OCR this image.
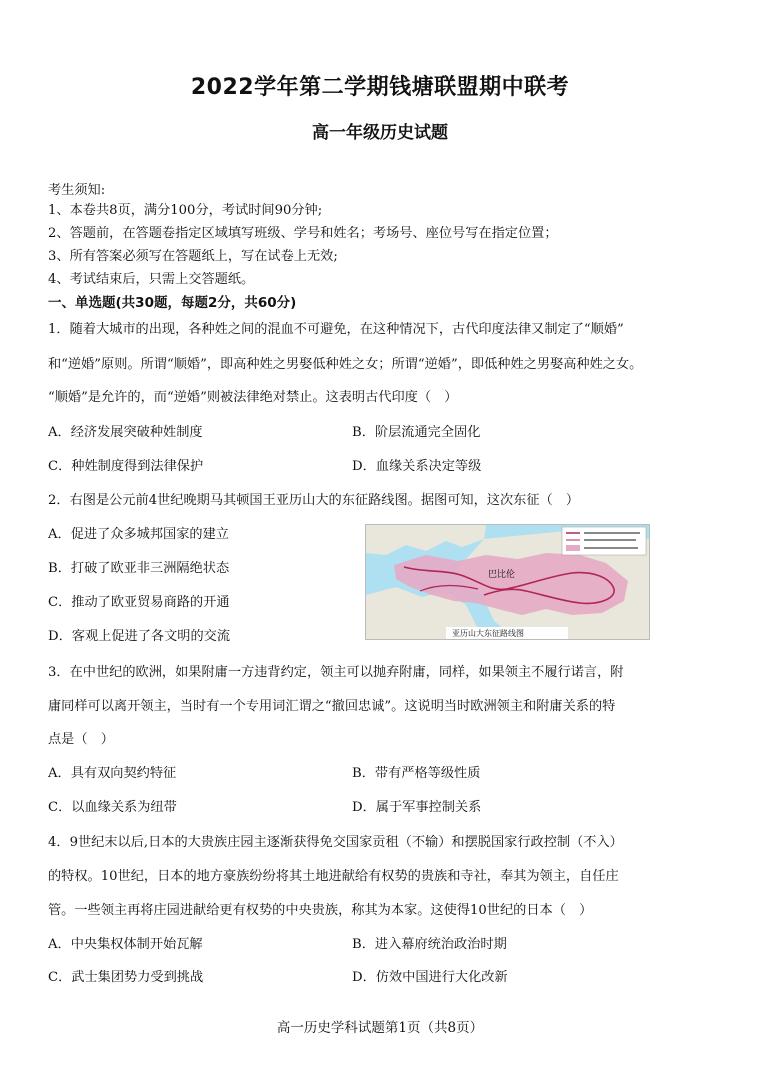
2022学年第二学期钱塘联盟期中联考
高一年级历史试题
考生须知:
1、本卷共8页，满分100分，考试时间90分钟;
2、答题前，在答题卷指定区域填写班级、学号和姓名；考场号、座位号写在指定位置；
3、所有答案必须写在答题纸上，写在试卷上无效;
4、考试结束后，只需上交答题纸。
一、单选题(共30题，每题2分，共60分)
1．随着大城市的出现，各种姓之间的混血不可避免，在这种情况下，古代印度法律又制定了“顺婚”
和“逆婚”原则。所谓“顺婚”，即高种姓之男娶低种姓之女；所谓“逆婚”，即低种姓之男娶高种姓之女。
“顺婚”是允许的，而“逆婚”则被法律绝对禁止。这表明古代印度（　）
A．经济发展突破种姓制度	B．阶层流通完全固化
C．种姓制度得到法律保护	D．血缘关系决定等级
2．右图是公元前4世纪晚期马其顿国王亚历山大的东征路线图。据图可知，这次东征（　）
A．促进了众多城邦国家的建立
B．打破了欧亚非三洲隔绝状态
C．推动了欧亚贸易商路的开通
D．客观上促进了各文明的交流
巴比伦
亚历山大东征路线图
3．在中世纪的欧洲，如果附庸一方违背约定，领主可以抛弃附庸，同样，如果领主不履行诺言，附
庸同样可以离开领主，当时有一个专用词汇谓之“撤回忠诚”。这说明当时欧洲领主和附庸关系的特
点是（　）
A．具有双向契约特征	B．带有严格等级性质
C．以血缘关系为纽带	D．属于军事控制关系
4．9世纪末以后,日本的大贵族庄园主逐渐获得免交国家贡租（不输）和摆脱国家行政控制（不入）
的特权。10世纪，日本的地方豪族纷纷将其土地进献给有权势的贵族和寺社，奉其为领主，自任庄
管。一些领主再将庄园进献给更有权势的中央贵族，称其为本家。这使得10世纪的日本（　）
A．中央集权体制开始瓦解	B．进入幕府统治政治时期
C．武士集团势力受到挑战	D．仿效中国进行大化改新
高一历史学科试题第1页（共8页）
